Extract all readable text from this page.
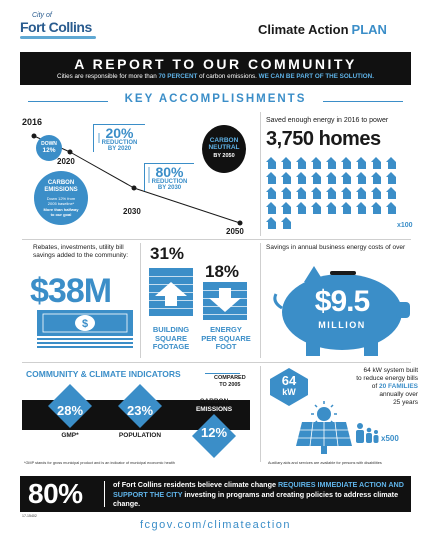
City of
Fort Collins	Climate Action PLAN
A REPORT TO OUR COMMUNITY
Cities are responsible for more than 70 PERCENT of carbon emissions. WE CAN BE PART OF THE SOLUTION.
KEY ACCOMPLISHMENTS
2016
DOWN
12%
2020
20%
REDUCTION
BY 2020
80%
REDUCTION
BY 2030
2030
2050
CARBON
NEUTRAL
BY 2050
CARBON EMISSIONS
Down 12% from 2005 baseline*
More than halfway to our goal
Saved enough energy in 2016 to power
3,750 homes
x100
Rebates, investments, utility bill savings added to the community:
$38M
$
31%
BUILDING
SQUARE
FOOTAGE
18%
ENERGY
PER SQUARE
FOOT
Savings in annual business energy costs of over
$9.5
MILLION
COMMUNITY & CLIMATE INDICATORS	COMPARED
TO 2005
28%
GMP*
23%
POPULATION
CARBON
EMISSIONS
12%
*GMP stands for gross municipal product and is an indicator of municipal economic health
64
kW
64 kW system built
to reduce energy bills
of 20 FAMILIES
annually over
25 years
x500
Auxiliary aids and services are available for persons with disabilities
80%	of Fort Collins residents believe climate change REQUIRES IMMEDIATE ACTION AND SUPPORT THE CITY investing in programs and creating policies to address climate change.
17-15402
fcgov.com/climateaction
